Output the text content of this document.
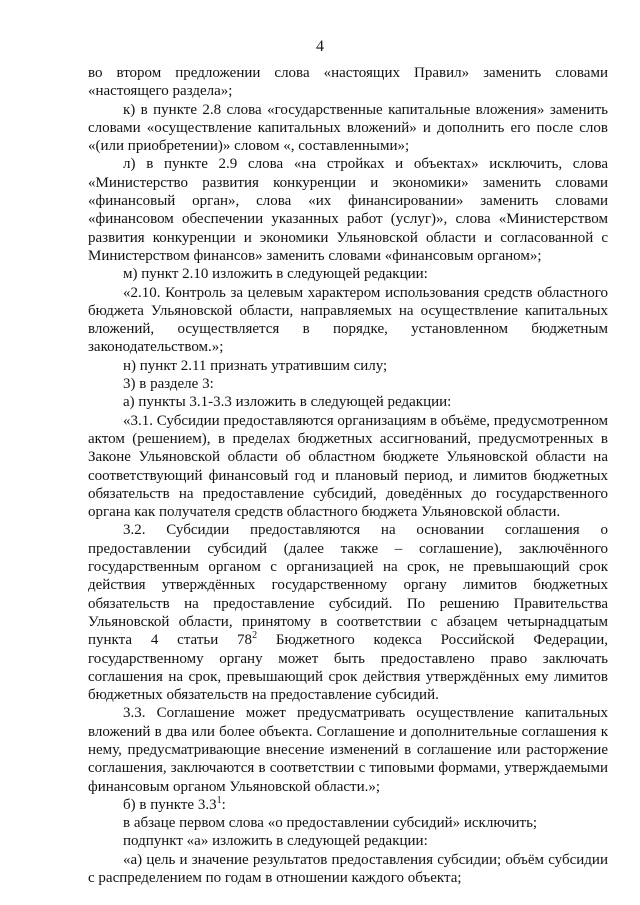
4

во втором предложении слова «настоящих Правил» заменить словами «настоящего раздела»;

к) в пункте 2.8 слова «государственные капитальные вложения» заменить словами «осуществление капитальных вложений» и дополнить его после слов «(или приобретении)» словом «, составленными»;

л) в пункте 2.9 слова «на стройках и объектах» исключить, слова «Министерство развития конкуренции и экономики» заменить словами «финансовый орган», слова «их финансировании» заменить словами «финансовом обеспечении указанных работ (услуг)», слова «Министерством развития конкуренции и экономики Ульяновской области и согласованной с Министерством финансов» заменить словами «финансовым органом»;

м) пункт 2.10 изложить в следующей редакции:

«2.10. Контроль за целевым характером использования средств областного бюджета Ульяновской области, направляемых на осуществление капитальных вложений, осуществляется в порядке, установленном бюджетным законодательством.»;

н) пункт 2.11 признать утратившим силу;

3) в разделе 3:

а) пункты 3.1-3.3 изложить в следующей редакции:

«3.1. Субсидии предоставляются организациям в объёме, предусмотренном актом (решением), в пределах бюджетных ассигнований, предусмотренных в Законе Ульяновской области об областном бюджете Ульяновской области на соответствующий финансовый год и плановый период, и лимитов бюджетных обязательств на предоставление субсидий, доведённых до государственного органа как получателя средств областного бюджета Ульяновской области.

3.2. Субсидии предоставляются на основании соглашения о предоставлении субсидий (далее также – соглашение), заключённого государственным органом с организацией на срок, не превышающий срок действия утверждённых государственному органу лимитов бюджетных обязательств на предоставление субсидий. По решению Правительства Ульяновской области, принятому в соответствии с абзацем четырнадцатым пункта 4 статьи $78^2$ Бюджетного кодекса Российской Федерации, государственному органу может быть предоставлено право заключать соглашения на срок, превышающий срок действия утверждённых ему лимитов бюджетных обязательств на предоставление субсидий.

3.3. Соглашение может предусматривать осуществление капитальных вложений в два или более объекта. Соглашение и дополнительные соглашения к нему, предусматривающие внесение изменений в соглашение или расторжение соглашения, заключаются в соответствии с типовыми формами, утверждаемыми финансовым органом Ульяновской области.»;

б) в пункте $3.3^1$:

в абзаце первом слова «о предоставлении субсидий» исключить;

подпункт «а» изложить в следующей редакции:

«а) цель и значение результатов предоставления субсидии; объём субсидии с распределением по годам в отношении каждого объекта;
